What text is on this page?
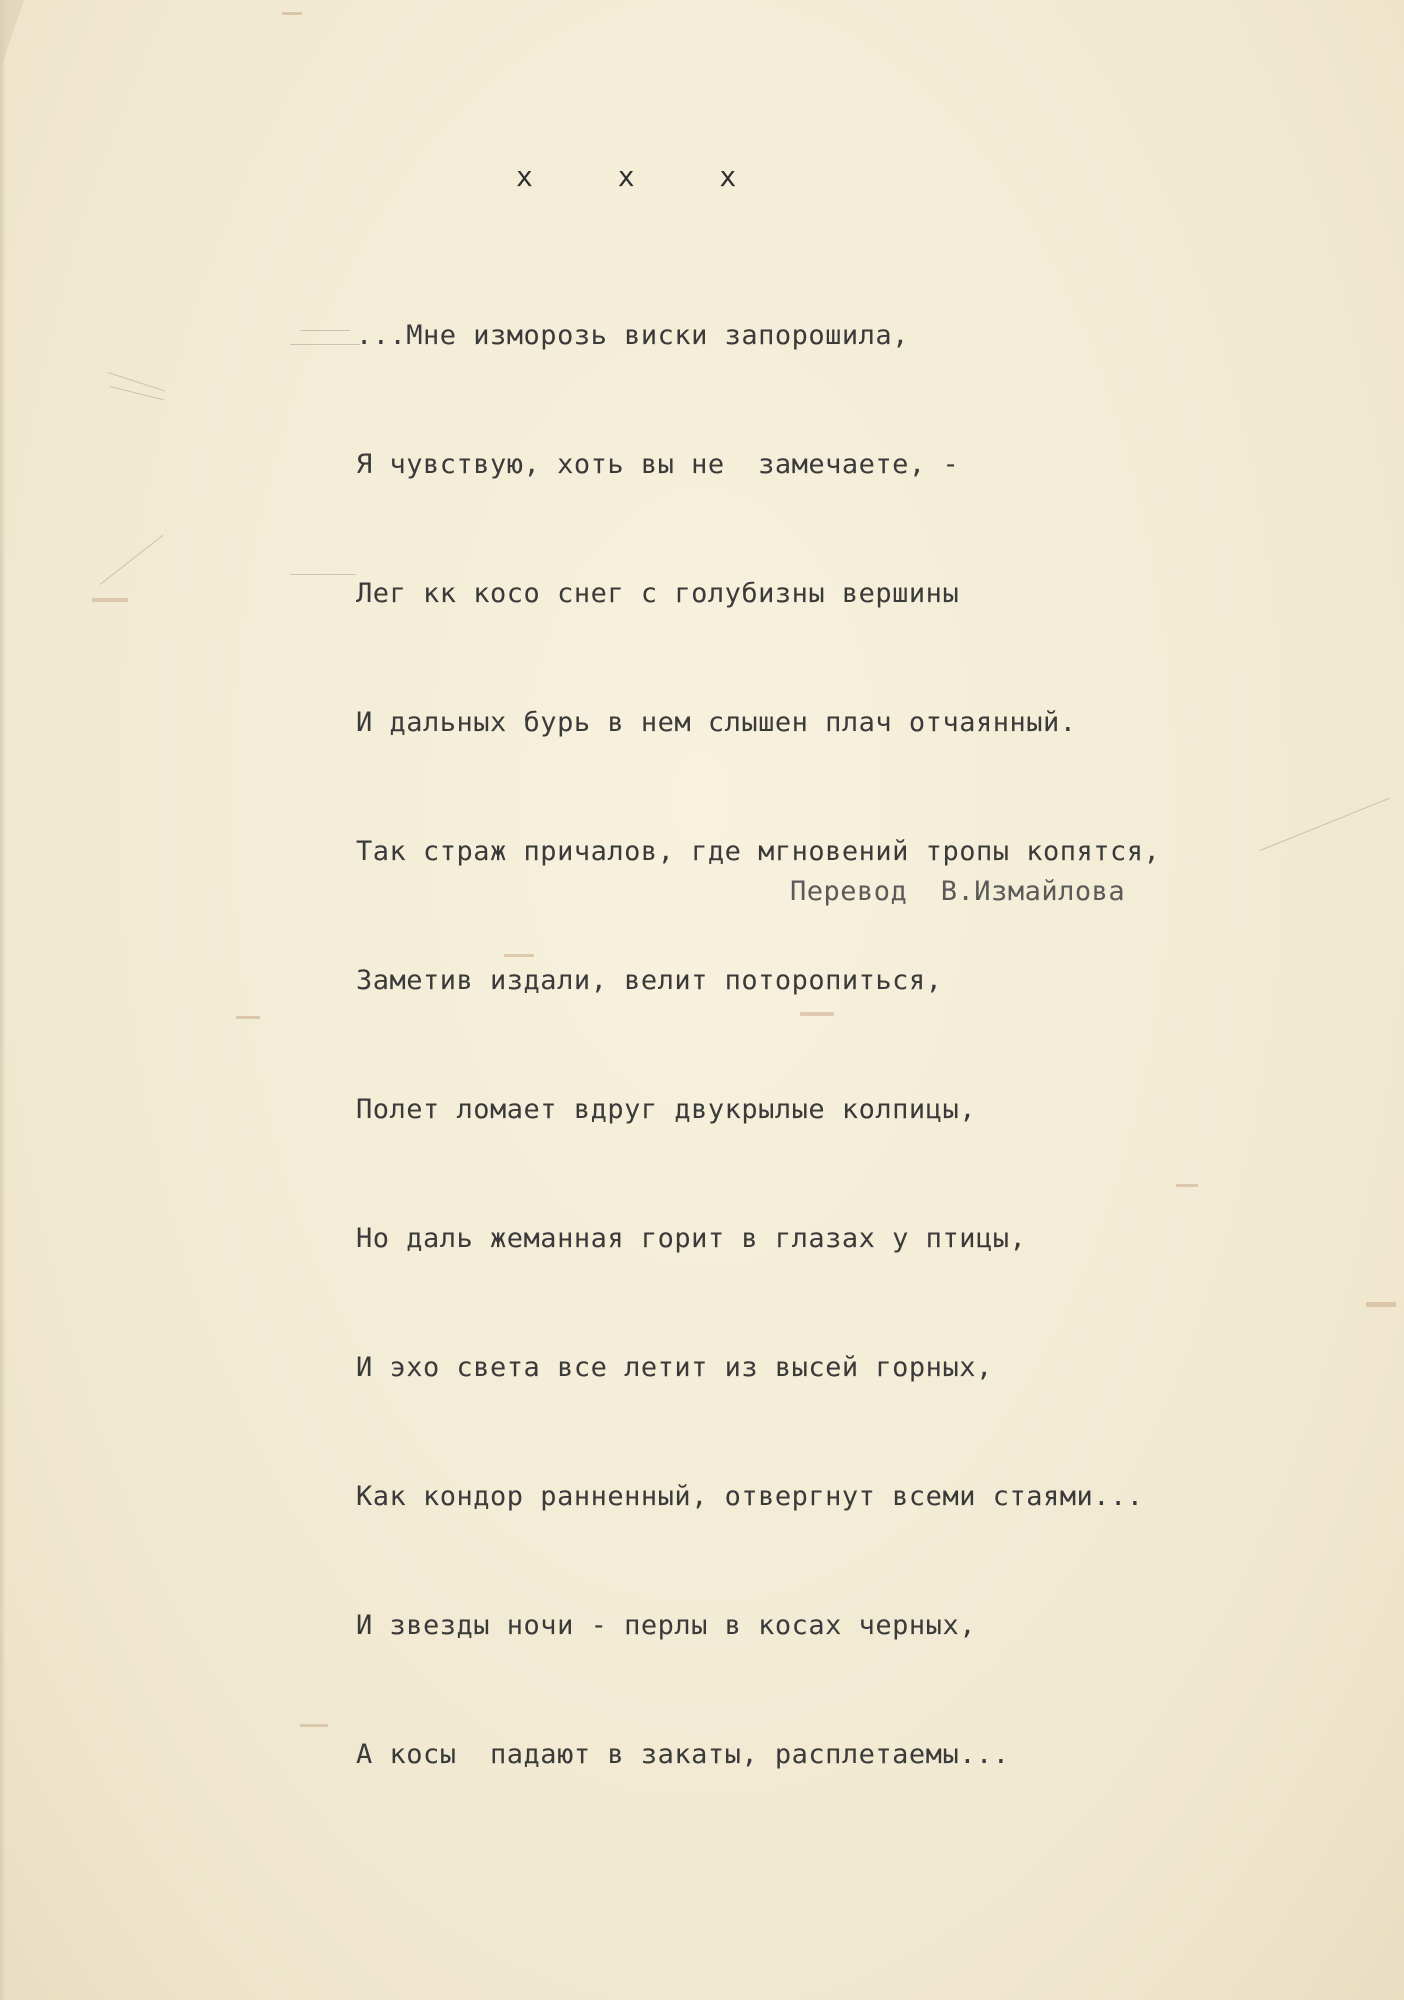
х х х

...Мне изморозь виски запорошила,

Я чувствую, хоть вы не  замечаете, -

Лег кк косо снег с голубизны вершины

И дальных бурь в нем слышен плач отчаянный.

Так страж причалов, где мгновений тропы копятся,

Заметив издали, велит поторопиться,

Полет ломает вдруг двукрылые колпицы,

Но даль жеманная горит в глазах у птицы,

И эхо света все летит из высей горных,

Как кондор ранненный, отвергнут всеми стаями...

И звезды ночи - перлы в косах черных,

А косы  падают в закаты, расплетаемы...

Перевод  В.Измайлова
